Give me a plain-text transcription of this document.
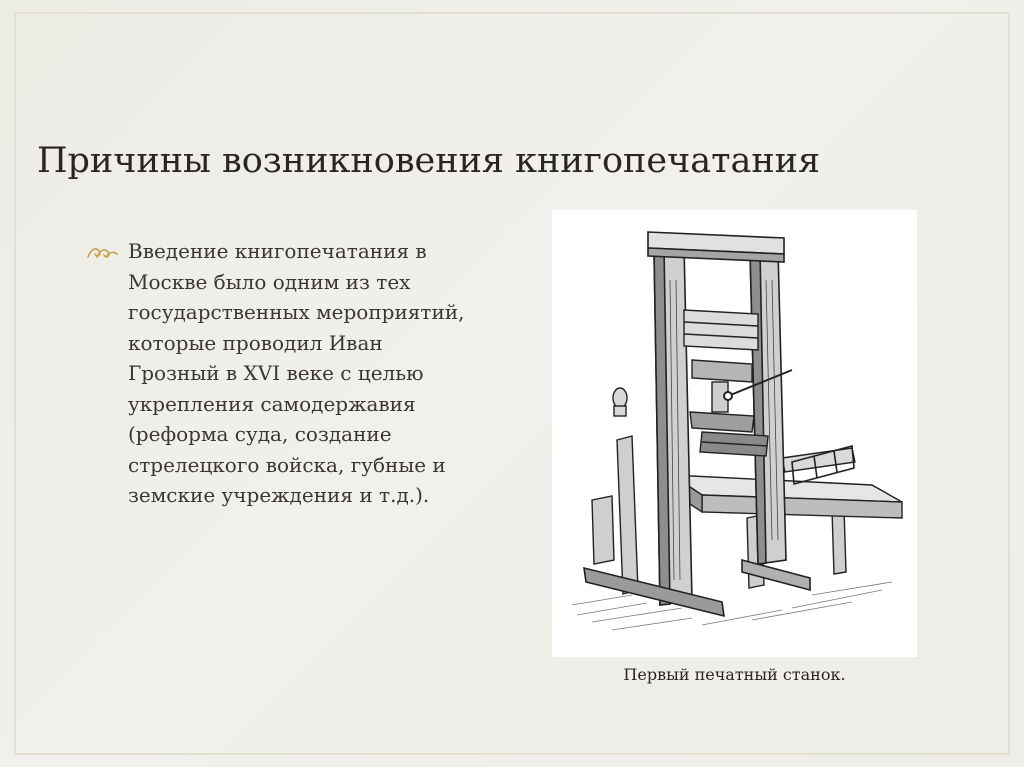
Причины возникновения книгопечатания

Введение книгопечатания в
Москве было одним из тех
государственных мероприятий,
которые проводил Иван
Грозный в XVI веке с целью
укрепления самодержавия
(реформа суда, создание
стрелецкого войска, губные и
земские учреждения и т.д.).

Первый печатный станок.
